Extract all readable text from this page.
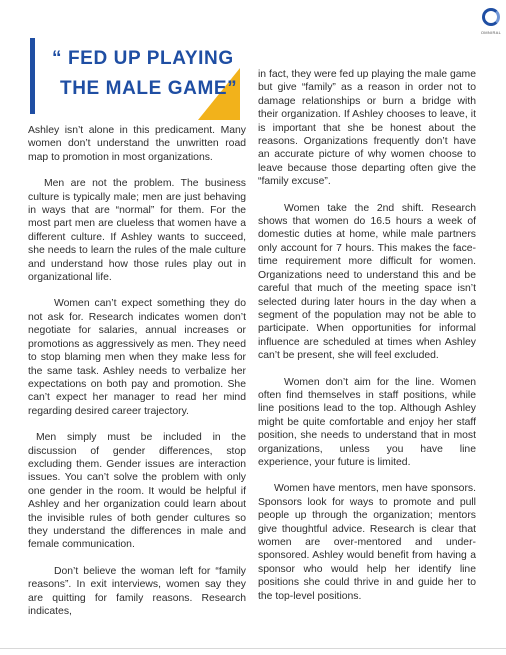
OMNIRAL
“ FED UP PLAYING
THE MALE GAME”

Ashley isn’t alone in this predicament. Many women don’t understand the unwritten road map to promotion in most organizations.

Men are not the problem. The business culture is typically male; men are just behaving in ways that are “normal” for them. For the most part men are clueless that women have a different culture. If Ashley wants to succeed, she needs to learn the rules of the male culture and understand how those rules play out in organizational life.

Women can’t expect something they do not ask for. Research indicates women don’t negotiate for salaries, annual increases or promotions as aggressively as men. They need to stop blaming men when they make less for the same task. Ashley needs to verbalize her expectations on both pay and promotion. She can’t expect her manager to read her mind regarding desired career trajectory.

Men simply must be included in the discussion of gender differences, stop excluding them. Gender issues are interaction issues. You can’t solve the problem with only one gender in the room. It would be helpful if Ashley and her organization could learn about the invisible rules of both gender cultures so they understand the differences in male and female communication.

Don’t believe the woman left for “family reasons”. In exit interviews, women say they are quitting for family reasons. Research indicates,

in fact, they were fed up playing the male game but give “family” as a reason in order not to damage relationships or burn a bridge with their organization. If Ashley chooses to leave, it is important that she be honest about the reasons. Organizations frequently don’t have an accurate picture of why women choose to leave because those departing often give the “family excuse”.

Women take the 2nd shift. Research shows that women do 16.5 hours a week of domestic duties at home, while male partners only account for 7 hours. This makes the face-time requirement more difficult for women. Organizations need to understand this and be careful that much of the meeting space isn’t selected during later hours in the day when a segment of the population may not be able to participate. When opportunities for informal influence are scheduled at times when Ashley can’t be present, she will feel excluded.

Women don’t aim for the line. Women often find themselves in staff positions, while line positions lead to the top. Although Ashley might be quite comfortable and enjoy her staff position, she needs to understand that in most organizations, unless you have line experience, your future is limited.

Women have mentors, men have sponsors. Sponsors look for ways to promote and pull people up through the organization; mentors give thoughtful advice. Research is clear that women are over-mentored and under-sponsored. Ashley would benefit from having a sponsor who would help her identify line positions she could thrive in and guide her to the top-level positions.
